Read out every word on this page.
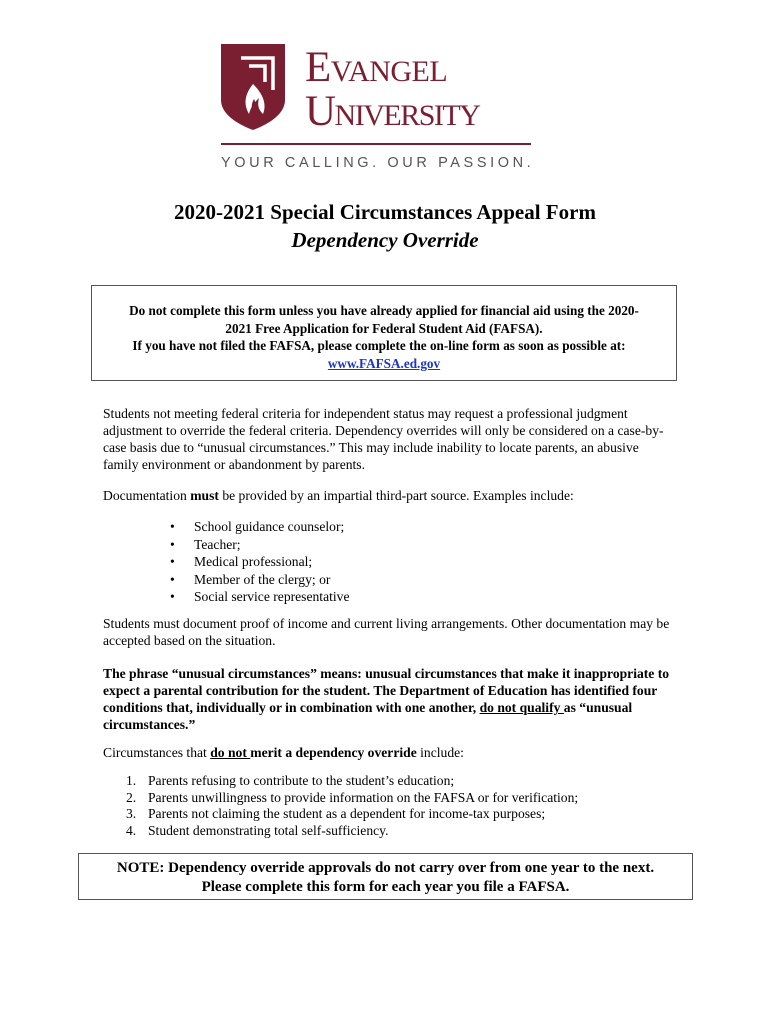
Evangel
University
YOUR CALLING. OUR PASSION.
2020-2021 Special Circumstances Appeal Form
Dependency Override
Do not complete this form unless you have already applied for financial aid using the 2020-
2021 Free Application for Federal Student Aid (FAFSA).

If you have not filed the FAFSA, please complete the on-line form as soon as possible at:
www.FAFSA.ed.gov
Students not meeting federal criteria for independent status may request a professional judgment adjustment to override the federal criteria. Dependency overrides will only be considered on a case-by- case basis due to “unusual circumstances.” This may include inability to locate parents, an abusive family environment or abandonment by parents.
Documentation must be provided by an impartial third-part source. Examples include:
• School guidance counselor;
• Teacher;
• Medical professional;
• Member of the clergy; or
• Social service representative
Students must document proof of income and current living arrangements. Other documentation may be accepted based on the situation.
The phrase “unusual circumstances” means: unusual circumstances that make it inappropriate to expect a parental contribution for the student. The Department of Education has identified four conditions that, individually or in combination with one another, do not qualify as “unusual circumstances.”
Circumstances that do not merit a dependency override include:
1. Parents refusing to contribute to the student’s education;
2. Parents unwillingness to provide information on the FAFSA or for verification;
3. Parents not claiming the student as a dependent for income-tax purposes;
4. Student demonstrating total self-sufficiency.
NOTE: Dependency override approvals do not carry over from one year to the next.
Please complete this form for each year you file a FAFSA.
